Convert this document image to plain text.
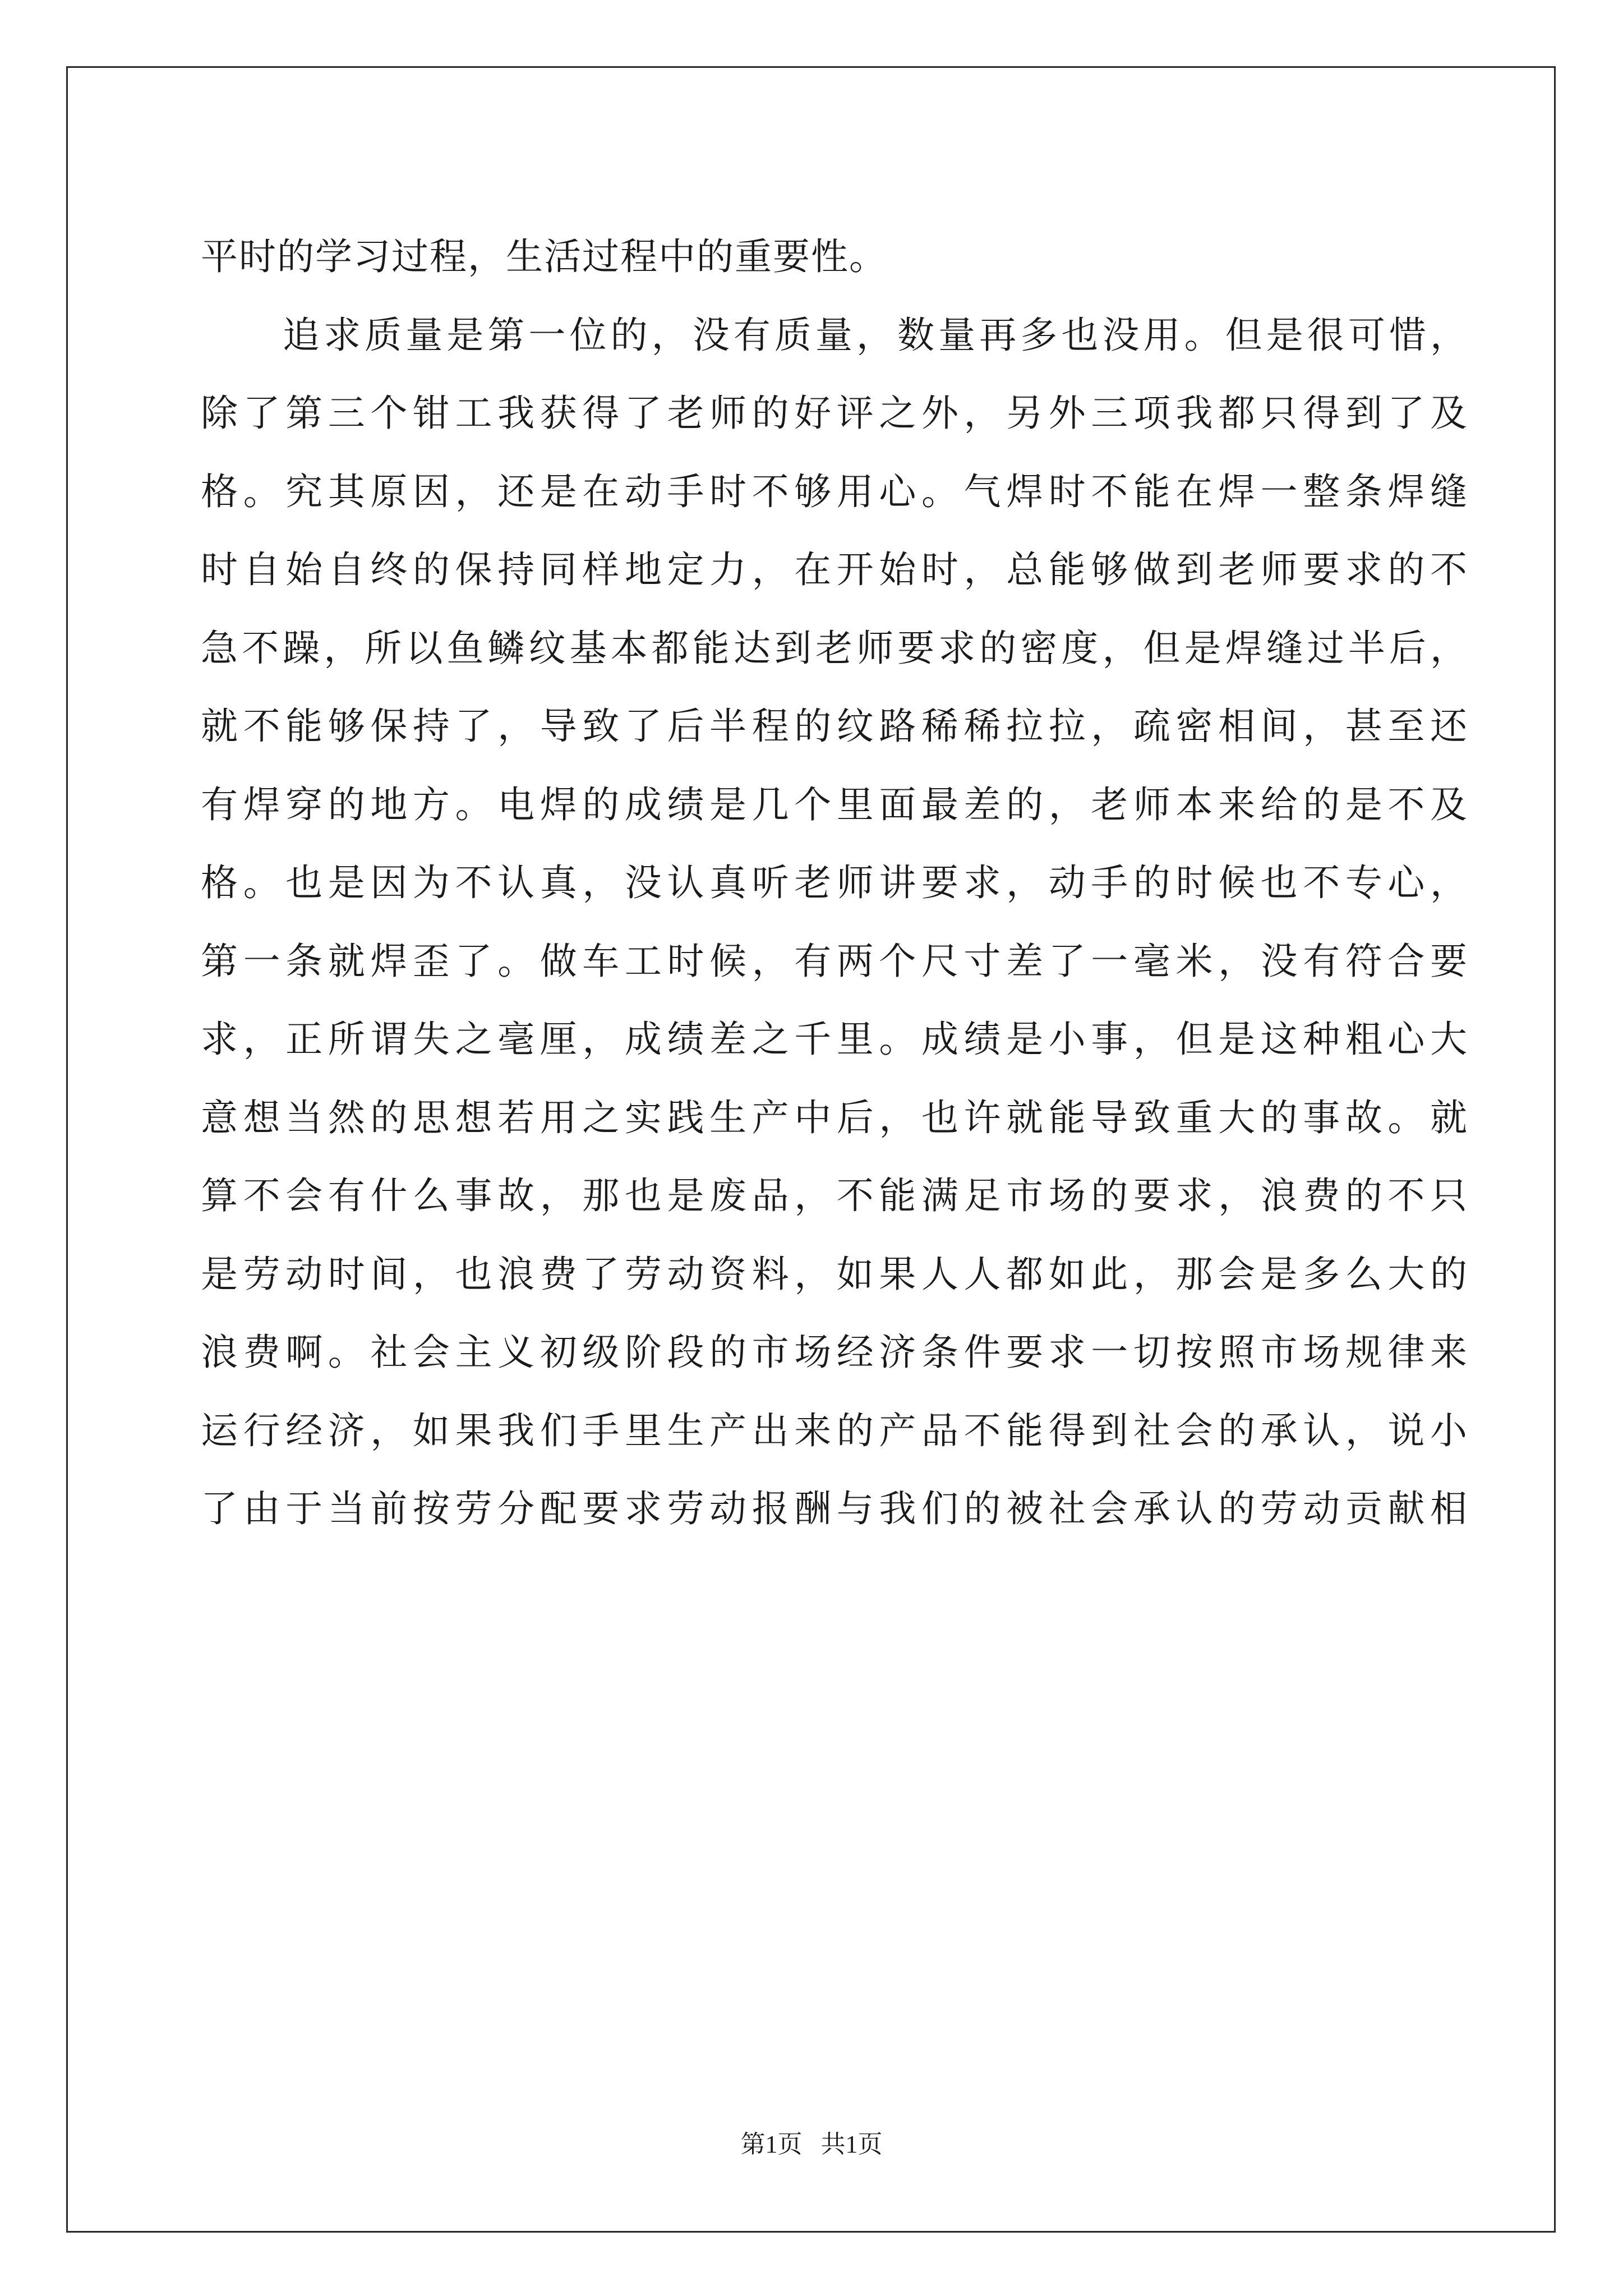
平时的学习过程，生活过程中的重要性。
追求质量是第一位的，没有质量，数量再多也没用。但是很可惜，
除了第三个钳工我获得了老师的好评之外，另外三项我都只得到了及
格。究其原因，还是在动手时不够用心。气焊时不能在焊一整条焊缝
时自始自终的保持同样地定力，在开始时，总能够做到老师要求的不
急不躁，所以鱼鳞纹基本都能达到老师要求的密度，但是焊缝过半后，
就不能够保持了，导致了后半程的纹路稀稀拉拉，疏密相间，甚至还
有焊穿的地方。电焊的成绩是几个里面最差的，老师本来给的是不及
格。也是因为不认真，没认真听老师讲要求，动手的时候也不专心，
第一条就焊歪了。做车工时候，有两个尺寸差了一毫米，没有符合要
求，正所谓失之毫厘，成绩差之千里。成绩是小事，但是这种粗心大
意想当然的思想若用之实践生产中后，也许就能导致重大的事故。就
算不会有什么事故，那也是废品，不能满足市场的要求，浪费的不只
是劳动时间，也浪费了劳动资料，如果人人都如此，那会是多么大的
浪费啊。社会主义初级阶段的市场经济条件要求一切按照市场规律来
运行经济，如果我们手里生产出来的产品不能得到社会的承认，说小
了由于当前按劳分配要求劳动报酬与我们的被社会承认的劳动贡献相
第1页   共1页
